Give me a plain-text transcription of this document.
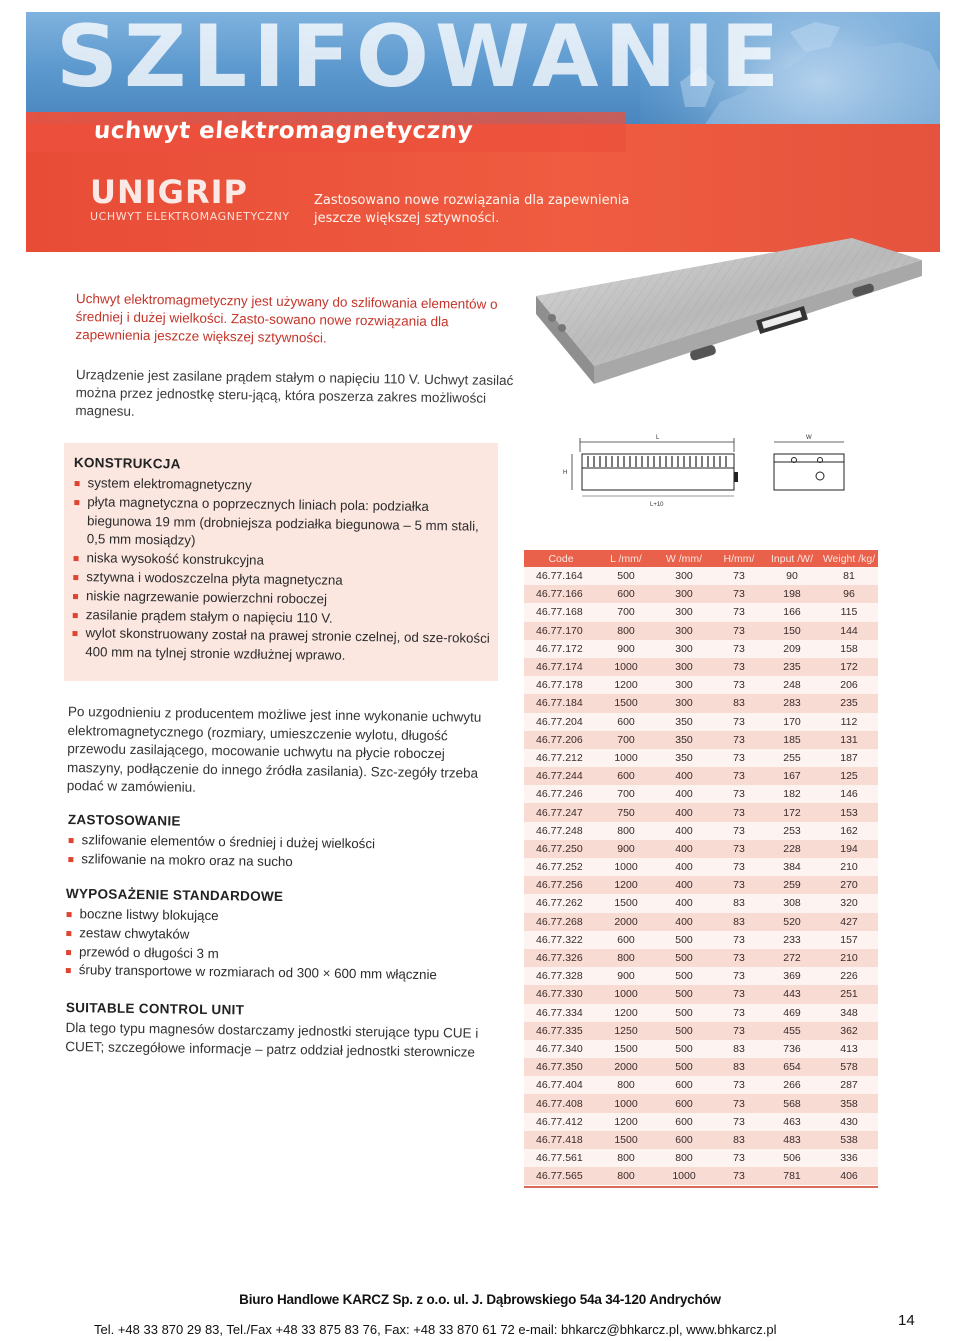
SZLIFOWANIE
uchwyt elektromagnetyczny
UNIGRIP
UCHWYT ELEKTROMAGNETYCZNY
Zastosowano nowe rozwiązania dla zapewnienia
jeszcze większej sztywności.
Uchwyt elektromagmetyczny jest używany do szlifowania elementów o średniej i dużej wielkości. Zasto-sowano nowe rozwiązania dla zapewnienia jeszcze większej sztywności.
Urządzenie jest zasilane prądem stałym o napięciu 110 V. Uchwyt zasilać można przez jednostkę steru-jącą, która poszerza zakres możliwości magnesu.
KONSTRUKCJA
system elektromagnetyczny
płyta magnetyczna o poprzecznych liniach pola: podziałka biegunowa 19 mm (drobniejsza podziałka biegunowa – 5 mm stali, 0,5 mm mosiądzy)
niska wysokość konstrukcyjna
sztywna i wodoszczelna płyta magnetyczna
niskie nagrzewanie powierzchni roboczej
zasilanie prądem stałym o napięciu 110 V.
wylot skonstruowany został na prawej stronie czelnej, od sze-rokości 400 mm na tylnej stronie wzdłużnej wprawo.
Po uzgodnieniu z producentem możliwe jest inne wykonanie uchwytu elektromagnetycznego (rozmiary, umieszczenie wylotu, długość przewodu zasilającego, mocowanie uchwytu na płycie roboczej maszyny, podłączenie do innego źródła zasilania). Szc-zegóły trzeba podać w zamówieniu.
ZASTOSOWANIE
szlifowanie elementów o średniej i dużej wielkości
szlifowanie na mokro oraz na sucho
WYPOSAŻENIE STANDARDOWE
boczne listwy blokujące
zestaw chwytaków
przewód o długości 3 m
śruby transportowe w rozmiarach od 300 × 600 mm włącznie
SUITABLE CONTROL UNIT

Dla tego typu magnesów dostarczamy jednostki sterujące typu CUE i CUET; szczegółowe informacje – patrz oddział jednostki sterownicze

L
H
L+10
W
Code	L /mm/	W /mm/	H/mm/	Input /W/	Weight /kg/
46.77.164	500	300	73	90	81
46.77.166	600	300	73	198	96
46.77.168	700	300	73	166	115
46.77.170	800	300	73	150	144
46.77.172	900	300	73	209	158
46.77.174	1000	300	73	235	172
46.77.178	1200	300	73	248	206
46.77.184	1500	300	83	283	235
46.77.204	600	350	73	170	112
46.77.206	700	350	73	185	131
46.77.212	1000	350	73	255	187
46.77.244	600	400	73	167	125
46.77.246	700	400	73	182	146
46.77.247	750	400	73	172	153
46.77.248	800	400	73	253	162
46.77.250	900	400	73	228	194
46.77.252	1000	400	73	384	210
46.77.256	1200	400	73	259	270
46.77.262	1500	400	83	308	320
46.77.268	2000	400	83	520	427
46.77.322	600	500	73	233	157
46.77.326	800	500	73	272	210
46.77.328	900	500	73	369	226
46.77.330	1000	500	73	443	251
46.77.334	1200	500	73	469	348
46.77.335	1250	500	73	455	362
46.77.340	1500	500	83	736	413
46.77.350	2000	500	83	654	578
46.77.404	800	600	73	266	287
46.77.408	1000	600	73	568	358
46.77.412	1200	600	73	463	430
46.77.418	1500	600	83	483	538
46.77.561	800	800	73	506	336
46.77.565	800	1000	73	781	406
Biuro Handlowe KARCZ Sp. z o.o. ul. J. Dąbrowskiego 54a 34-120 Andrychów
Tel. +48 33 870 29 83, Tel./Fax +48 33 875 83 76, Fax: +48 33 870 61 72 e-mail: bhkarcz@bhkarcz.pl, www.bhkarcz.pl
14
